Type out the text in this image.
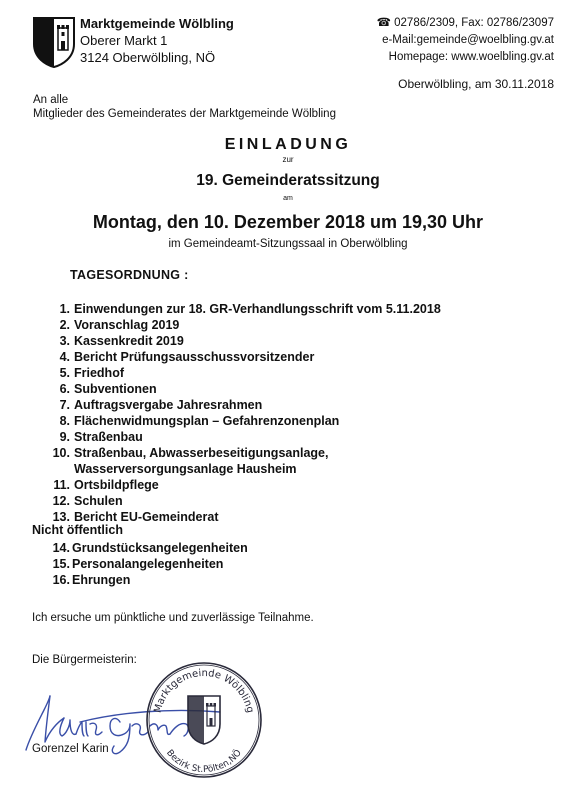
Marktgemeinde Wölbling
Oberer Markt 1
3124 Oberwölbling, NÖ
☎ 02786/2309, Fax: 02786/23097
e-Mail:gemeinde@woelbling.gv.at
Homepage: www.woelbling.gv.at
Oberwölbling, am 30.11.2018
An alle
Mitglieder des Gemeinderates der Marktgemeinde Wölbling
EINLADUNG
zur
19. Gemeinderatssitzung
am
Montag, den 10. Dezember 2018 um 19,30 Uhr
im Gemeindeamt-Sitzungssaal in Oberwölbling
TAGESORDNUNG :
1. Einwendungen zur 18. GR-Verhandlungsschrift vom 5.11.2018
2. Voranschlag 2019
3. Kassenkredit 2019
4. Bericht Prüfungsausschussvorsitzender
5. Friedhof
6. Subventionen
7. Auftragsvergabe Jahresrahmen
8. Flächenwidmungsplan – Gefahrenzonenplan
9. Straßenbau
10. Straßenbau, Abwasserbeseitigungsanlage,
Wasserversorgungsanlage Hausheim
11. Ortsbildpflege
12. Schulen
13. Bericht EU-Gemeinderat
Nicht öffentlich
14. Grundstücksangelegenheiten
15. Personalangelegenheiten
16. Ehrungen
Ich ersuche um pünktliche und zuverlässige Teilnahme.
Die Bürgermeisterin:
Marktgemeinde Wölbling
Bezirk St.Pölten,NÖ
Gorenzel Karin
